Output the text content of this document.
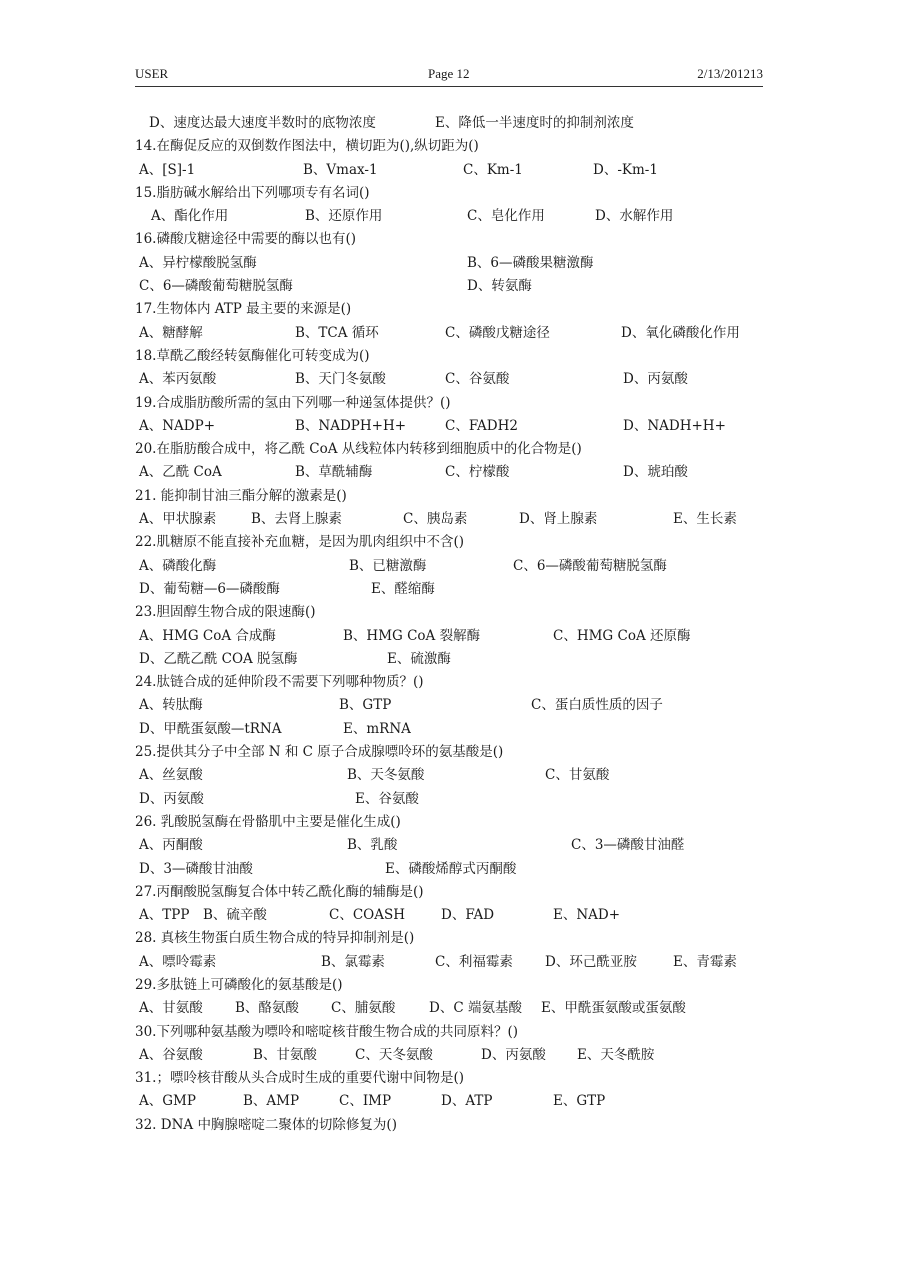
USER	Page 12	2/13/201213
D、速度达最大速度半数时的底物浓度	E、降低一半速度时的抑制剂浓度
14.在酶促反应的双倒数作图法中，横切距为(),纵切距为()
A、[S]-1	B、Vmax-1	C、Km-1	D、-Km-1
15.脂肪碱水解给出下列哪项专有名词()
A、酯化作用	B、还原作用	C、皂化作用	D、水解作用
16.磷酸戊糖途径中需要的酶以也有()
A、异柠檬酸脱氢酶	B、6—磷酸果糖激酶
C、6—磷酸葡萄糖脱氢酶	D、转氨酶
17.生物体内 ATP 最主要的来源是()
A、糖酵解	B、TCA 循环	C、磷酸戊糖途径	D、氧化磷酸化作用
18.草酰乙酸经转氨酶催化可转变成为()
A、苯丙氨酸	B、天门冬氨酸	C、谷氨酸	D、丙氨酸
19.合成脂肪酸所需的氢由下列哪一种递氢体提供？()
A、NADP+	B、NADPH+H+	C、FADH2	D、NADH+H+
20.在脂肪酸合成中，将乙酰 CoA 从线粒体内转移到细胞质中的化合物是()
A、乙酰 CoA	B、草酰辅酶	C、柠檬酸	D、琥珀酸
21. 能抑制甘油三酯分解的激素是()
A、甲状腺素	B、去肾上腺素	C、胰岛素	D、肾上腺素	E、生长素
22.肌糖原不能直接补充血糖，是因为肌肉组织中不含()
A、磷酸化酶	B、已糖激酶	C、6—磷酸葡萄糖脱氢酶
D、葡萄糖—6—磷酸酶	E、醛缩酶
23.胆固醇生物合成的限速酶()
A、HMG CoA 合成酶	B、HMG CoA 裂解酶	C、HMG CoA 还原酶
D、乙酰乙酰 COA 脱氢酶	E、硫激酶
24.肽链合成的延伸阶段不需要下列哪种物质？()
A、转肽酶	B、GTP	C、蛋白质性质的因子
D、甲酰蛋氨酸—tRNA	E、mRNA
25.提供其分子中全部 N 和 C 原子合成腺嘌呤环的氨基酸是()
A、丝氨酸	B、天冬氨酸	C、甘氨酸
D、丙氨酸	E、谷氨酸
26. 乳酸脱氢酶在骨骼肌中主要是催化生成()
A、丙酮酸	B、乳酸	C、3—磷酸甘油醛
D、3—磷酸甘油酸	E、磷酸烯醇式丙酮酸
27.丙酮酸脱氢酶复合体中转乙酰化酶的辅酶是()
A、TPP B、硫辛酸	C、COASH	D、FAD	E、NAD+
28. 真核生物蛋白质生物合成的特异抑制剂是()
A、嘌呤霉素	B、氯霉素	C、利福霉素 D、环己酰亚胺	E、青霉素
29.多肽链上可磷酸化的氨基酸是()
A、甘氨酸 B、酪氨酸 C、脯氨酸 D、C 端氨基酸 E、甲酰蛋氨酸或蛋氨酸
30.下列哪种氨基酸为嘌呤和嘧啶核苷酸生物合成的共同原料？()
A、谷氨酸	B、甘氨酸	C、天冬氨酸	D、丙氨酸 E、天冬酰胺
31.；嘌呤核苷酸从头合成时生成的重要代谢中间物是()
A、GMP	B、AMP	C、IMP	D、ATP	E、GTP
32. DNA 中胸腺嘧啶二聚体的切除修复为()
